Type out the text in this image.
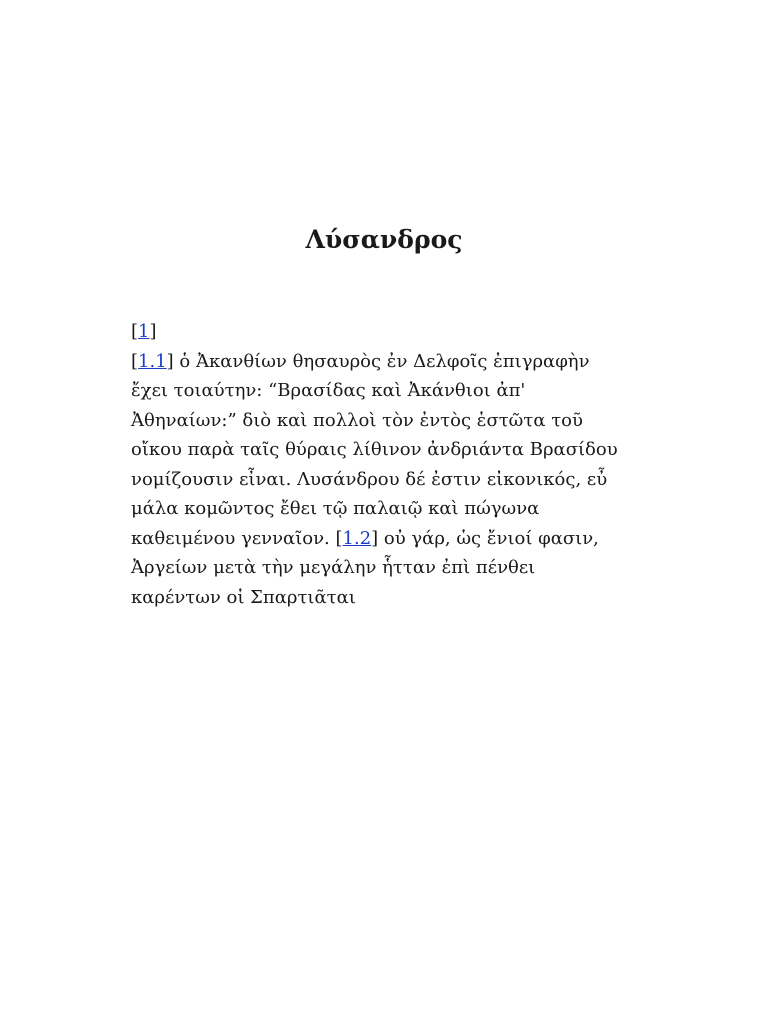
Λύσανδρος
[1]
[1.1] ὁ Ἀκανθίων θησαυρὸς ἐν Δελφοῖς ἐπιγραφὴν
ἔχει τοιαύτην: “Βρασίδας καὶ Ἀκάνθιοι ἀπ'
Ἀθηναίων:” διὸ καὶ πολλοὶ τὸν ἐντὸς ἑστῶτα τοῦ
οἴκου παρὰ ταῖς θύραις λίθινον ἀνδριάντα Βρασίδου
νομίζουσιν εἶναι. Λυσάνδρου δέ ἐστιν εἰκονικός, εὖ
μάλα κομῶντος ἔθει τῷ παλαιῷ καὶ πώγωνα
καθειμένου γενναῖον. [1.2] οὐ γάρ, ὡς ἔνιοί φασιν,
Ἀργείων μετὰ τὴν μεγάλην ἧτταν ἐπὶ πένθει
καρέντων οἱ Σπαρτιᾶται
